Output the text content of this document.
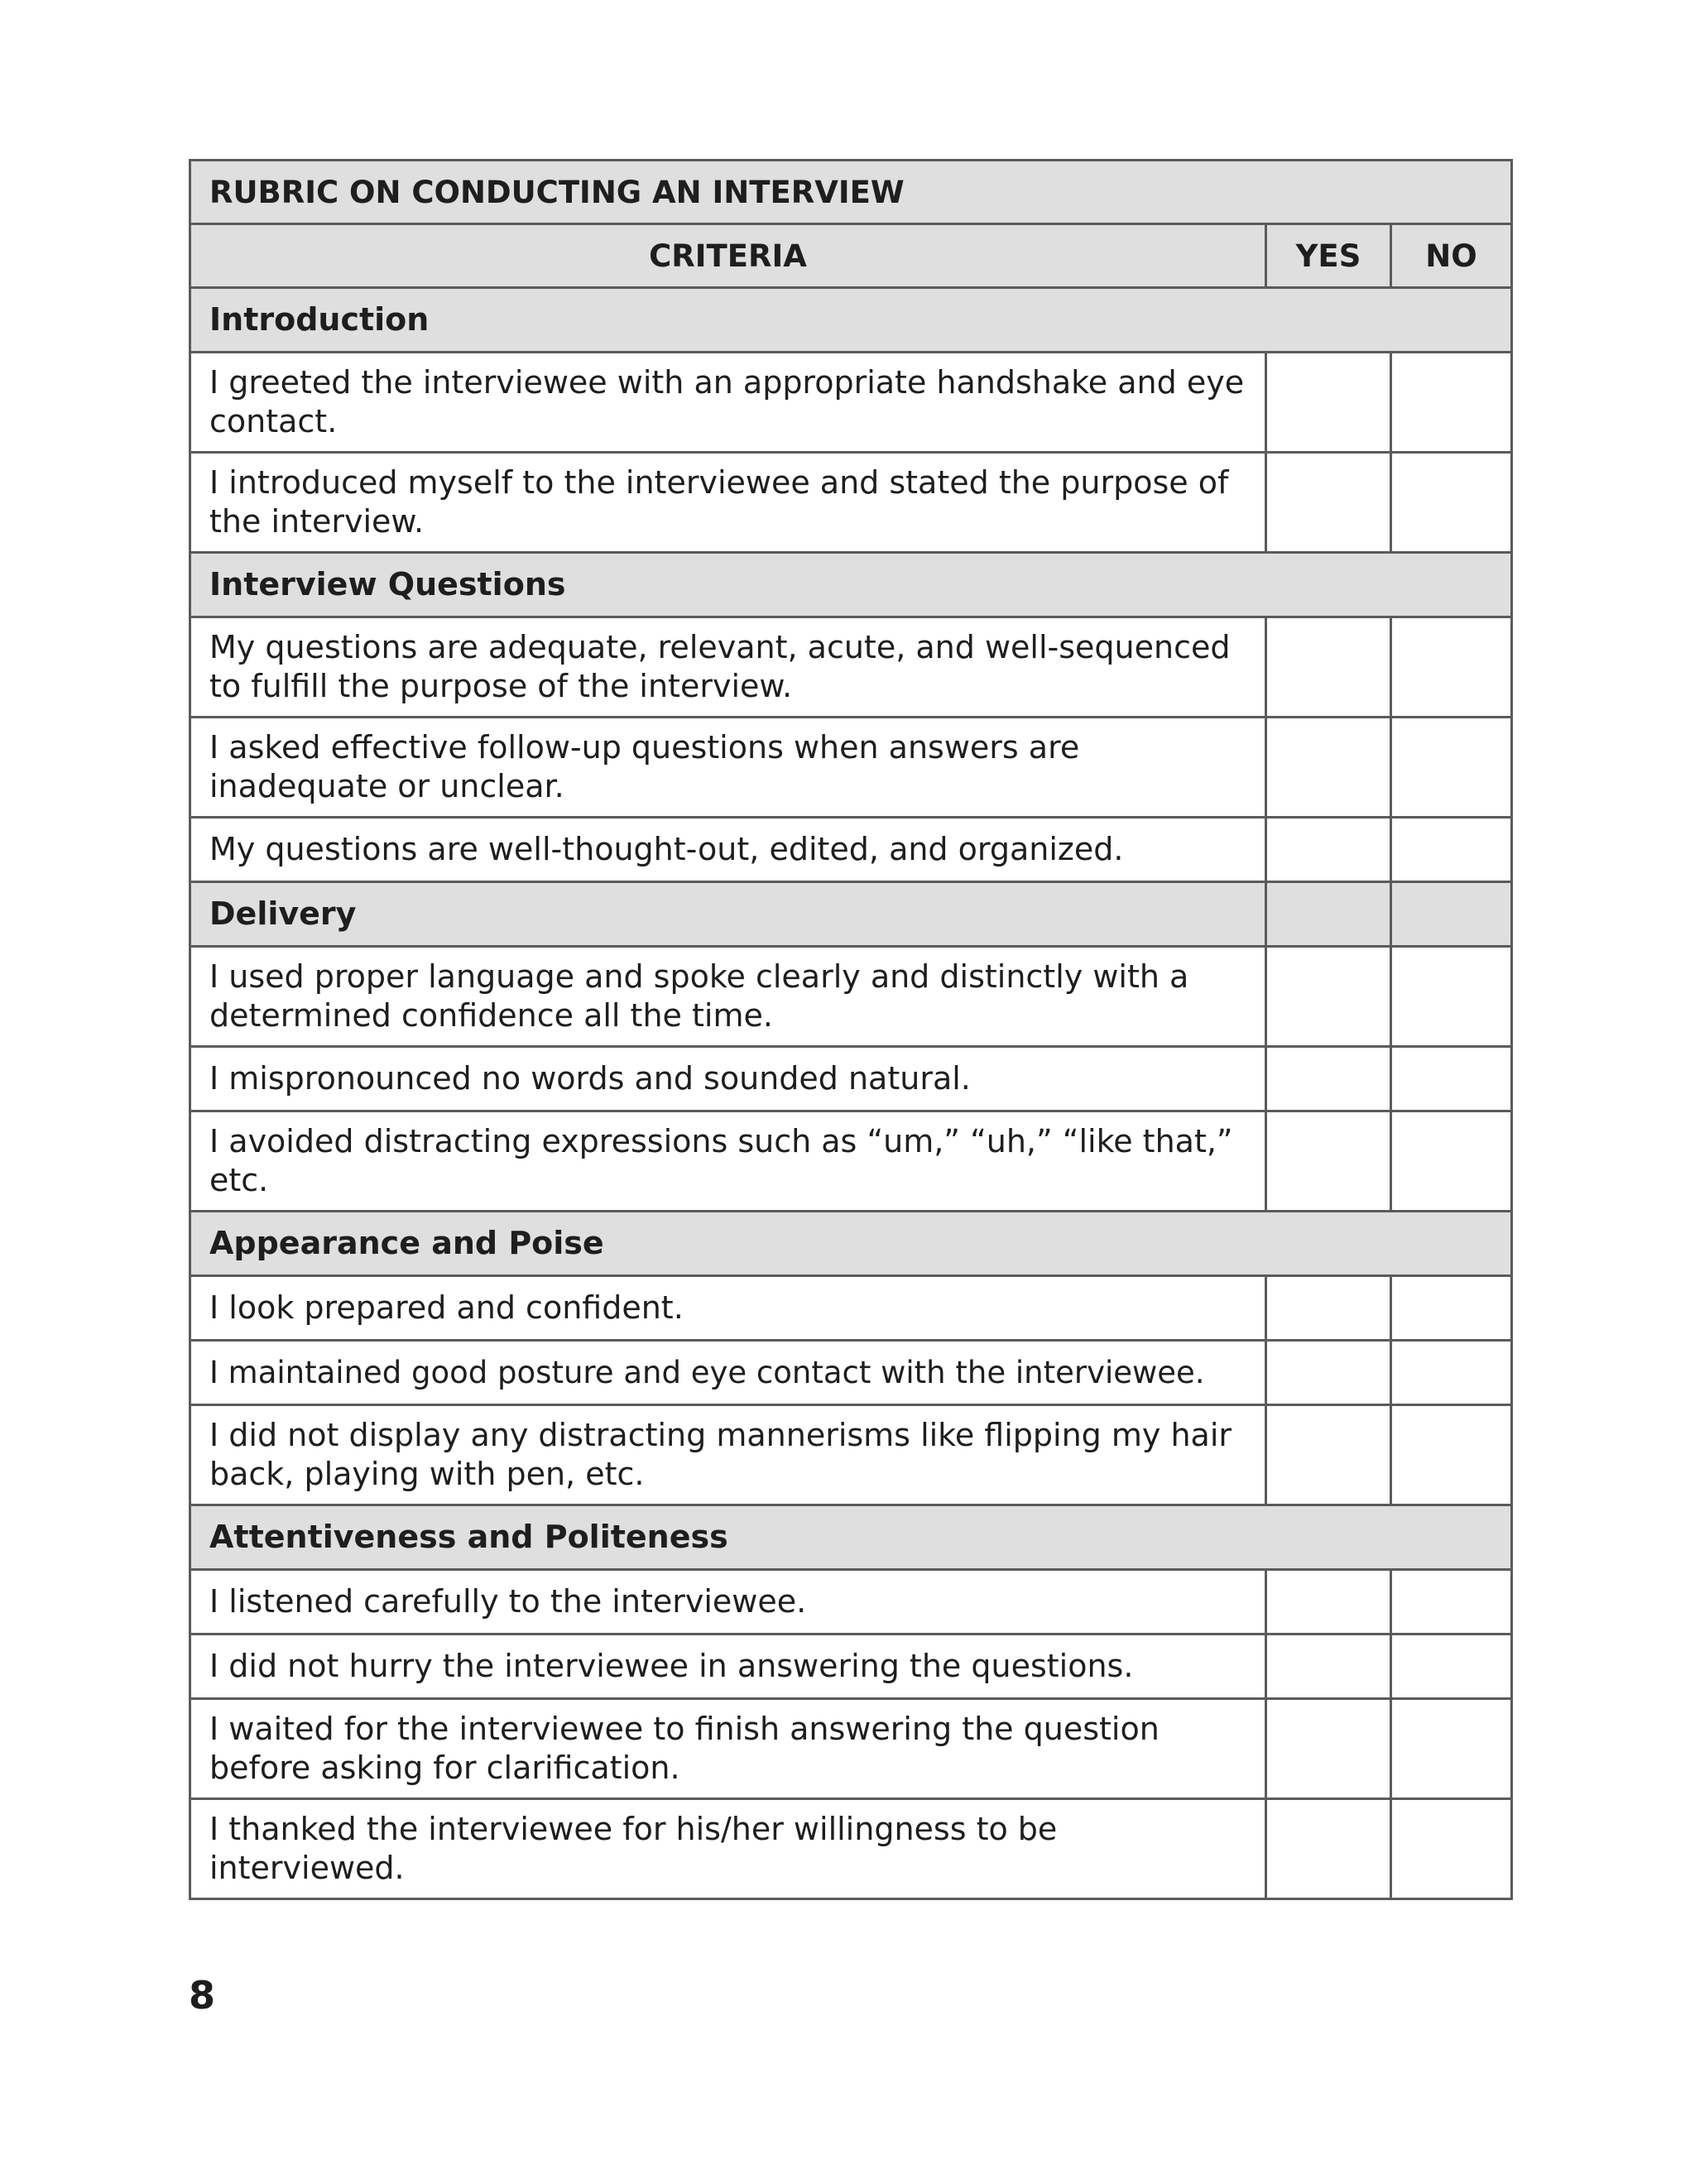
RUBRIC ON CONDUCTING AN INTERVIEW		
CRITERIA	YES	NO
Introduction		
I greeted the interviewee with an appropriate handshake and eye contact.		
I introduced myself to the interviewee and stated the purpose of the interview.		
Interview Questions		
My questions are adequate, relevant, acute, and well-sequenced to fulfill the purpose of the interview.		
I asked effective follow-up questions when answers are inadequate or unclear.		
My questions are well-thought-out, edited, and organized.		
Delivery		
I used proper language and spoke clearly and distinctly with a determined confidence all the time.		
I mispronounced no words and sounded natural.		
I avoided distracting expressions such as “um,” “uh,” “like that,” etc.		
Appearance and Poise		
I look prepared and confident.		
I maintained good posture and eye contact with the interviewee.		
I did not display any distracting mannerisms like flipping my hair back, playing with pen, etc.		
Attentiveness and Politeness		
I listened carefully to the interviewee.		
I did not hurry the interviewee in answering the questions.		
I waited for the interviewee to finish answering the question before asking for clarification.		
I thanked the interviewee for his/her willingness to be interviewed.		
8
